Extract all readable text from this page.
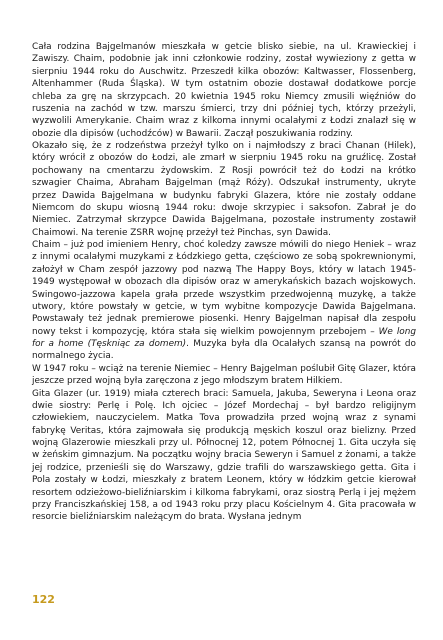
Cała rodzina Bajgelmanów mieszkała w getcie blisko siebie, na ul. Krawieckiej i Zawiszy. Chaim, podobnie jak inni członkowie rodziny, został wywieziony z getta w sierpniu 1944 roku do Auschwitz. Przeszedł kilka obozów: Kaltwasser, Flossenberg, Altenhammer (Ruda Śląska). W tym ostatnim obozie dostawał dodatkowe porcje chleba za grę na skrzypcach. 20 kwietnia 1945 roku Niemcy zmusili więźniów do ruszenia na zachód w tzw. marszu śmierci, trzy dni później tych, którzy przeżyli, wyzwolili Amerykanie. Chaim wraz z kilkoma innymi ocalałymi z Łodzi znalazł się w obozie dla dipisów (uchodźców) w Bawarii. Zaczął poszukiwania rodziny.

Okazało się, że z rodzeństwa przeżył tylko on i najmłodszy z braci Chanan (Hilek), który wrócił z obozów do Łodzi, ale zmarł w sierpniu 1945 roku na gruźlicę. Został pochowany na cmentarzu żydowskim. Z Rosji powrócił też do Łodzi na krótko szwagier Chaima, Abraham Bajgelman (mąż Róży). Odszukał instrumenty, ukryte przez Dawida Bajgelmana w budynku fabryki Glazera, które nie zostały oddane Niemcom do skupu wiosną 1944 roku: dwoje skrzypiec i saksofon. Zabrał je do Niemiec. Zatrzymał skrzypce Dawida Bajgelmana, pozostałe instrumenty zostawił Chaimowi. Na terenie ZSRR wojnę przeżył też Pinchas, syn Dawida.

Chaim – już pod imieniem Henry, choć koledzy zawsze mówili do niego Heniek – wraz z innymi ocalałymi muzykami z Łódzkiego getta, częściowo ze sobą spokrewnionymi, założył w Cham zespół jazzowy pod nazwą The Happy Boys, który w latach 1945-1949 występował w obozach dla dipisów oraz w amerykańskich bazach wojskowych. Swingowo-jazzowa kapela grała przede wszystkim przedwojenną muzykę, a także utwory, które powstały w getcie, w tym wybitne kompozycje Dawida Bajgelmana. Powstawały też jednak premierowe piosenki. Henry Bajgelman napisał dla zespołu nowy tekst i kompozycję, która stała się wielkim powojennym przebojem – We long for a home (Tęskniąc za domem). Muzyka była dla Ocalałych szansą na powrót do normalnego życia.

W 1947 roku – wciąż na terenie Niemiec – Henry Bajgelman poślubił Gitę Glazer, która jeszcze przed wojną była zaręczona z jego młodszym bratem Hilkiem.

Gita Glazer (ur. 1919) miała czterech braci: Samuela, Jakuba, Seweryna i Leona oraz dwie siostry: Perlę i Polę. Ich ojciec – Józef Mordechaj – był bardzo religijnym człowiekiem, nauczycielem. Matka Tova prowadziła przed wojną wraz z synami fabrykę Veritas, która zajmowała się produkcją męskich koszul oraz bielizny. Przed wojną Glazerowie mieszkali przy ul. Północnej 12, potem Północnej 1. Gita uczyła się w żeńskim gimnazjum. Na początku wojny bracia Seweryn i Samuel z żonami, a także jej rodzice, przenieśli się do Warszawy, gdzie trafili do warszawskiego getta. Gita i Pola zostały w Łodzi, mieszkały z bratem Leonem, który w łódzkim getcie kierował resortem odzieżowo-bieliźniarskim i kilkoma fabrykami, oraz siostrą Perlą i jej mężem przy Franciszkańskiej 158, a od 1943 roku przy placu Kościelnym 4. Gita pracowała w resorcie bieliźniarskim należącym do brata. Wysłana jednym

122
